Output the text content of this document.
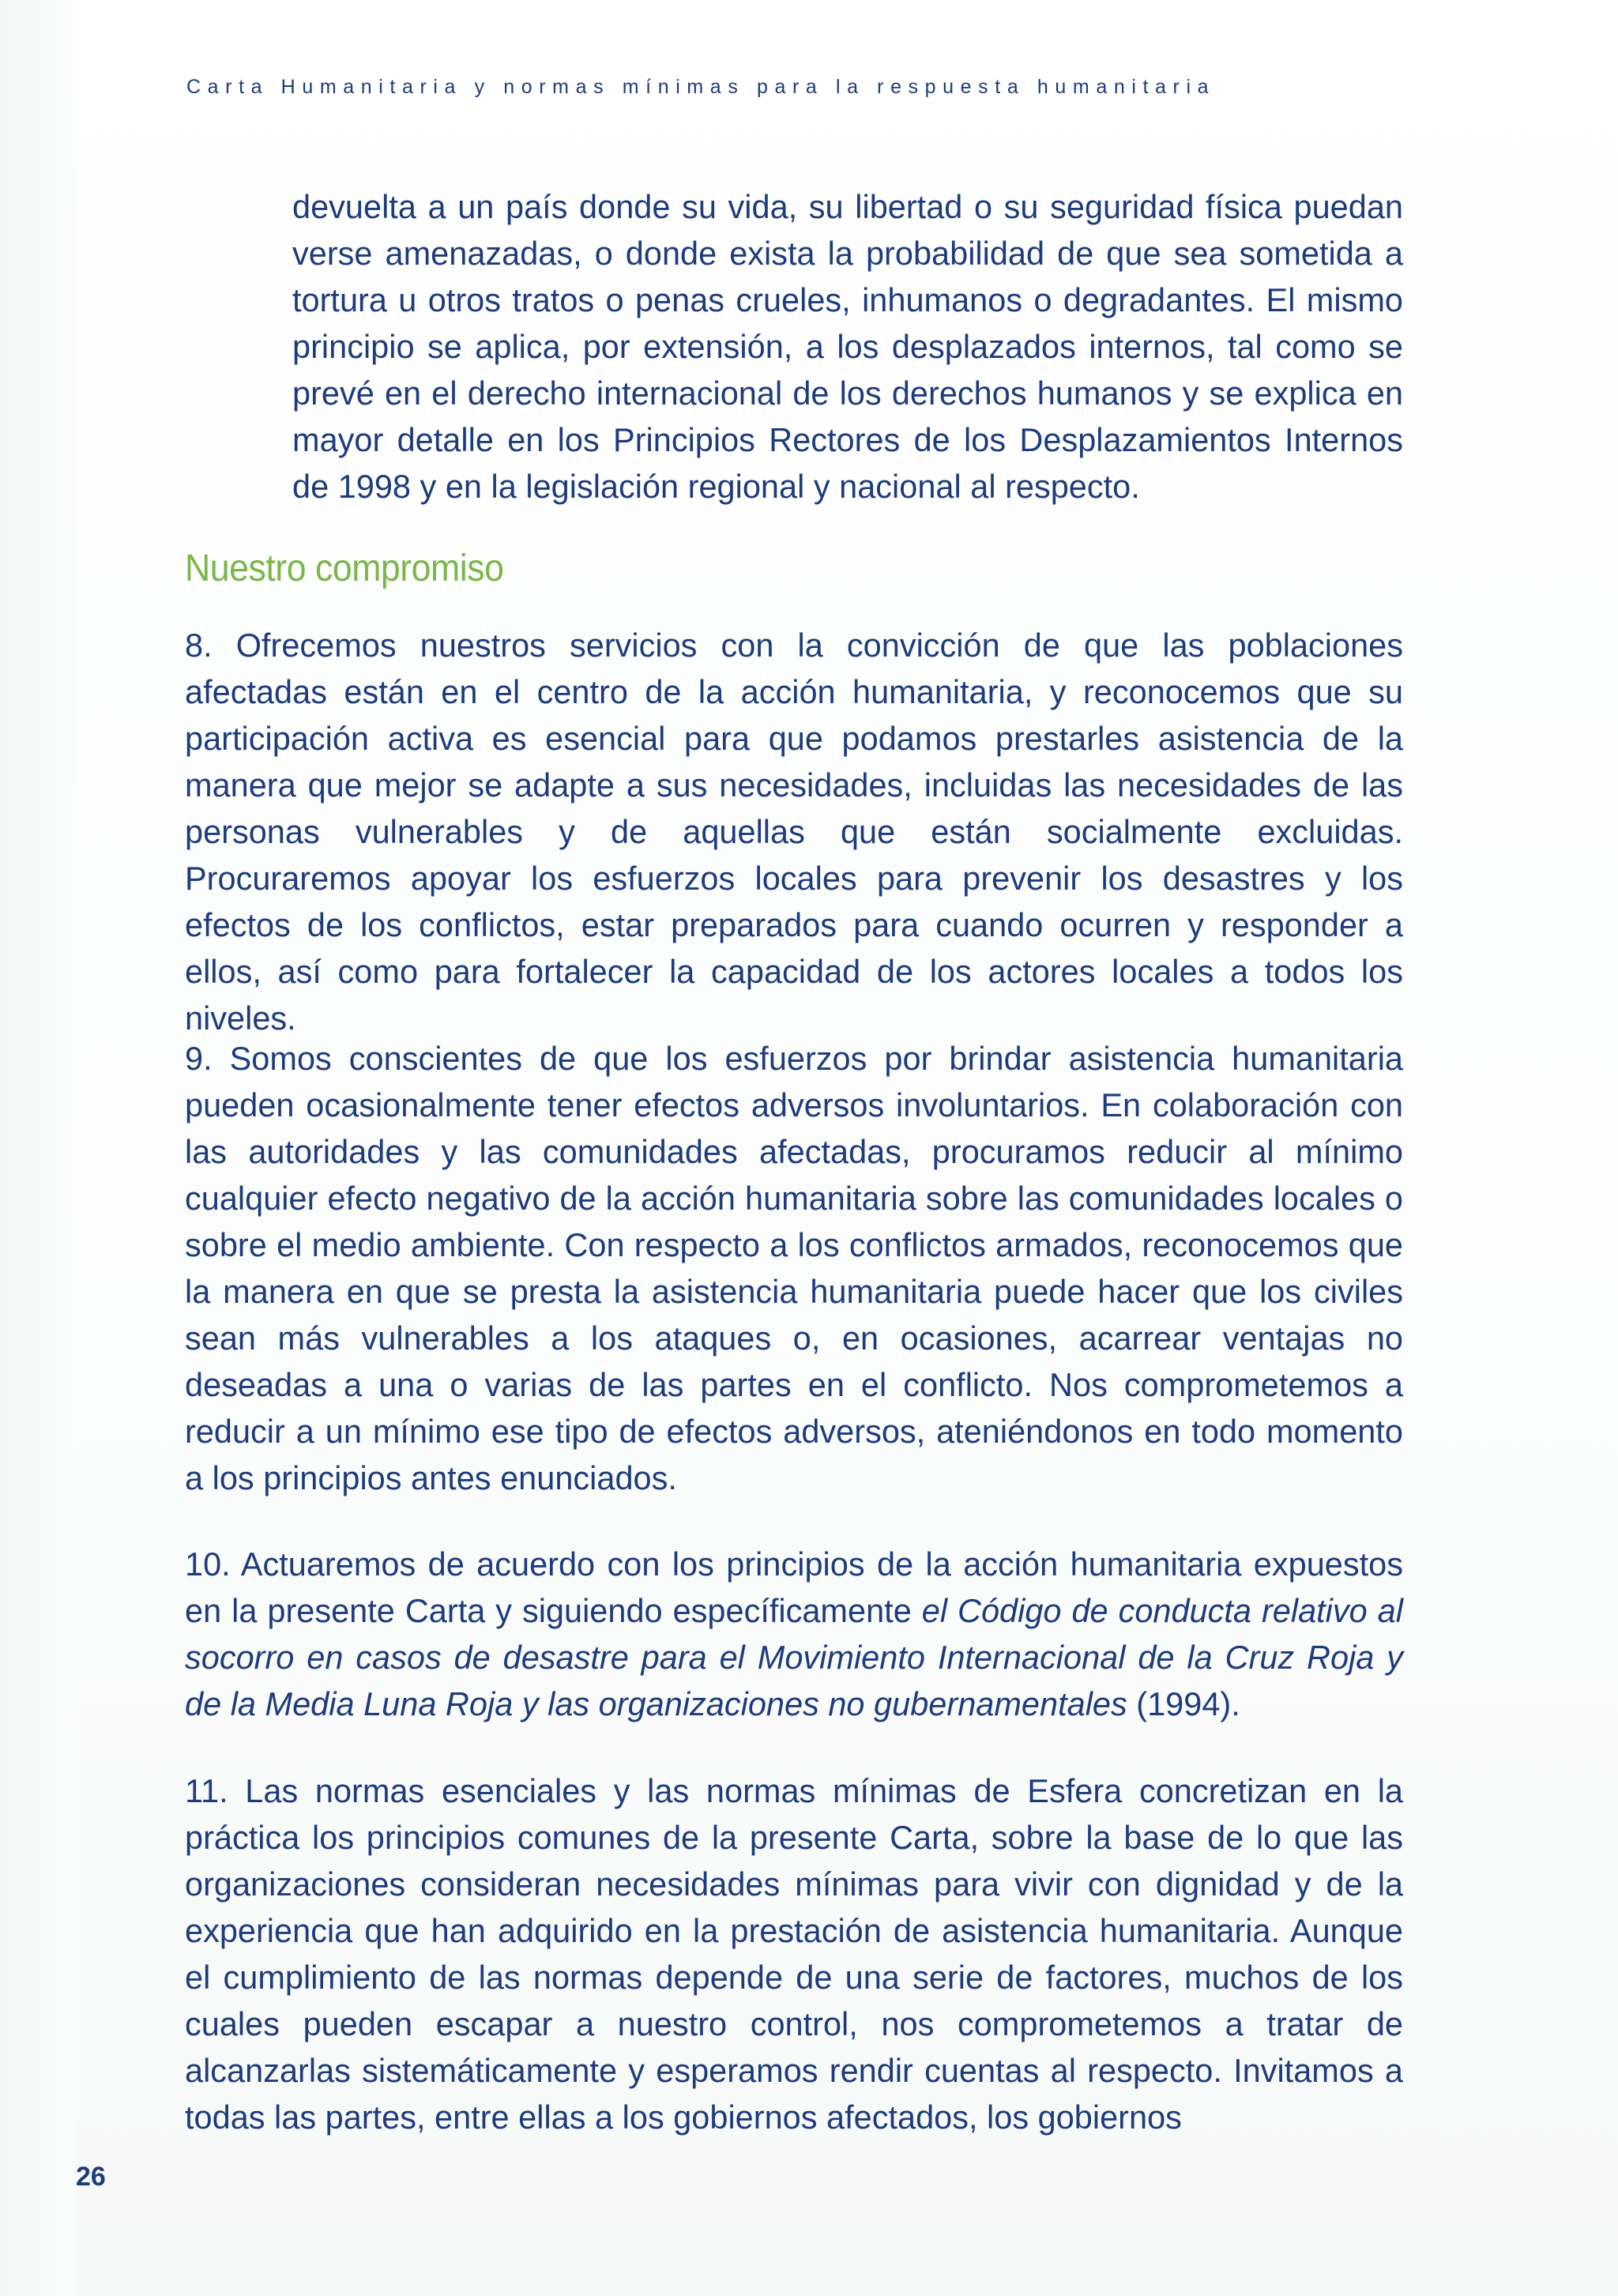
Carta Humanitaria y normas mínimas para la respuesta humanitaria

devuelta a un país donde su vida, su libertad o su seguridad física puedan verse amenazadas, o donde exista la probabilidad de que sea sometida a tortura u otros tratos o penas crueles, inhumanos o degradantes. El mismo principio se aplica, por extensión, a los desplazados internos, tal como se prevé en el derecho internacional de los derechos humanos y se explica en mayor detalle en los Principios Rectores de los Desplazamientos Internos de 1998 y en la legislación regional y nacional al respecto.

Nuestro compromiso

8. Ofrecemos nuestros servicios con la convicción de que las poblaciones afectadas están en el centro de la acción humanitaria, y reconocemos que su participación activa es esencial para que podamos prestarles asistencia de la manera que mejor se adapte a sus necesidades, incluidas las necesidades de las personas vulnerables y de aquellas que están socialmente excluidas. Procuraremos apoyar los esfuerzos locales para prevenir los desastres y los efectos de los conflictos, estar preparados para cuando ocurren y responder a ellos, así como para fortalecer la capacidad de los actores locales a todos los niveles.

9. Somos conscientes de que los esfuerzos por brindar asistencia humanitaria pueden ocasionalmente tener efectos adversos involuntarios. En colaboración con las autoridades y las comunidades afectadas, procuramos reducir al mínimo cualquier efecto negativo de la acción humanitaria sobre las comunidades locales o sobre el medio ambiente. Con respecto a los conflictos armados, reconocemos que la manera en que se presta la asistencia humanitaria puede hacer que los civiles sean más vulnerables a los ataques o, en ocasiones, acarrear ventajas no deseadas a una o varias de las partes en el conflicto. Nos comprometemos a reducir a un mínimo ese tipo de efectos adversos, ateniéndonos en todo momento a los principios antes enunciados.

10. Actuaremos de acuerdo con los principios de la acción humanitaria expuestos en la presente Carta y siguiendo específicamente el Código de conducta relativo al socorro en casos de desastre para el Movimiento Internacional de la Cruz Roja y de la Media Luna Roja y las organizaciones no gubernamentales (1994).

11. Las normas esenciales y las normas mínimas de Esfera concretizan en la práctica los principios comunes de la presente Carta, sobre la base de lo que las organizaciones consideran necesidades mínimas para vivir con dignidad y de la experiencia que han adquirido en la prestación de asistencia humanitaria. Aunque el cumplimiento de las normas depende de una serie de factores, muchos de los cuales pueden escapar a nuestro control, nos comprometemos a tratar de alcanzarlas sistemáticamente y esperamos rendir cuentas al respecto. Invitamos a todas las partes, entre ellas a los gobiernos afectados, los gobiernos

26
